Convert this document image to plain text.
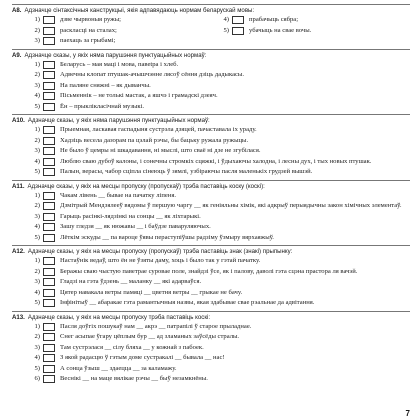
A8. Адзначце сінтаксічныя канструкцыі, якія адпавядаюць нормам беларускай мовы:
1)	дзве чырвоныя ружы;
2)	раскласці на сталах;
3)	паехаць за грыбамі;
4)	прабачыць сябра;
5)	убачыць на свае вочы.
A9. Адзначце сказы, у якіх няма парушэння пунктуацыйных нормаў:
1)	Беларусь – мая маці і мова, павеtра і хлеб.
2)	Адвечны клопат птушак-ачышчэнне лясоў сёння дзіць дадыкасы.
3)	На паляне сняжні – як дыванчы.
4)	Пісьменнік – не толькі мастак, а яшчэ і грамадскі дзеяч.
5)	Ён – прыклікласічнай музыкі.
A10. Адзначце сказы, у якіх няма парушэння пунктуацыйных нормаў:
1)	Прыемная, ласкавая гаспадыня сустрэла дзяцей, пачаставала іх ураду.
2)	Хадзіць весела дазорам па цэлай рэчы, бы бацьку ружала ружыцы.
3)	Не было ў цемры ні шкадавання, ні мыслі, што сваё ні дзе не згубілася.
4)	Люблю сваю дубоў калоны, і сонечны стромкіх сцяжкі, і ўдыхаючы халодна, і лесны дух, і тых новых птушак.
5)	Палын, верасы, чабор сціпла сінеюць ў зямлі, узбіраючы пасля маленькіх грудзей вышэй.
A11. Адзначце сказы, у якіх на месцы пропуску (пропускаў) трэба паставіць коску (коскі):
1)	Чакам лівень __ бывае на пачатку ліпеня.
2)	Дзмітрый Мендзялееў вядомы ў першую чаргу __ як геніяльны хімік, які адкрыў перыядычны закон хімічных элементаў.
3)	Гарыць расінкі-лядзінкі на сонцы __ як ліхтарыкі.
4)	Зашу гледзя __ як нюжавы __ і баўдзе паваруляючых.
5)	Лёткім эскуды __ па вароце ўявы пераступіўшы радзіму ўзмыру вярхаяжыў.
A12. Адзначце сказы, у якіх на месцы пропуску (пропускаў) трэба паставіць знак (знакі) прыпынку:
1)	Настаўнік ведаў, што ён не ўзяты даму, хоць і было так у гэтай пачатку.
2)	Беражы сваю чыстую паветрае суровае поле, знайдзі ўсе, як і палову, даволі гэта сцэна прастора ля вачэй.
3)	Гладзі на гэта ўдзень __ маланку __ які адарваўся.
4)	Цятер навакала ветры памяці __ цветня ветры __ грыкае не бачу.
5)	Інфінітыў __ абаракае гэта рамантычныя назвы, якая здабывае свае рэальнае да адвітання.
A13. Адзначце сказы, у якіх на месцы пропуску трэба паставіць коскі:
1)	Пасля доўгіх пошукаў нам __ акрэ __ патрапілі ў старое прыладнае.
2)	Снег асыпае ўгару цёплым бур __ ад зламаных заўсёды стралы.
3)	Там сустрэлася __ сілу бляха __ у кожнай з пабоек.
4)	З якой радасцю ў гэтым доме сустракалі __ бывала __ нас!
5)	А сонца ўзыш __ здаецца __ за каламажу.
6)	Веснікі __ на маце вялікае рэчы __ быў незамкнёны.
7
